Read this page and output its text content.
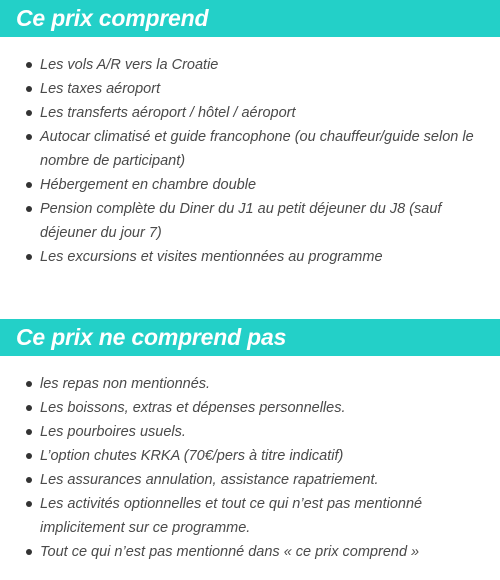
Ce prix comprend
Les vols A/R vers la Croatie
Les taxes aéroport
Les transferts aéroport / hôtel / aéroport
Autocar climatisé et guide francophone (ou chauffeur/guide selon le nombre de participant)
Hébergement en chambre double
Pension complète du Diner du J1 au petit déjeuner du J8 (sauf déjeuner du jour 7)
Les excursions et visites mentionnées au programme
Ce prix ne comprend pas
les repas non mentionnés.
Les boissons, extras et dépenses personnelles.
Les pourboires usuels.
L’option chutes KRKA (70€/pers à titre indicatif)
Les assurances annulation, assistance rapatriement.
Les activités optionnelles et tout ce qui n’est pas mentionné implicitement sur ce programme.
Tout ce qui n’est pas mentionné dans « ce prix comprend »
